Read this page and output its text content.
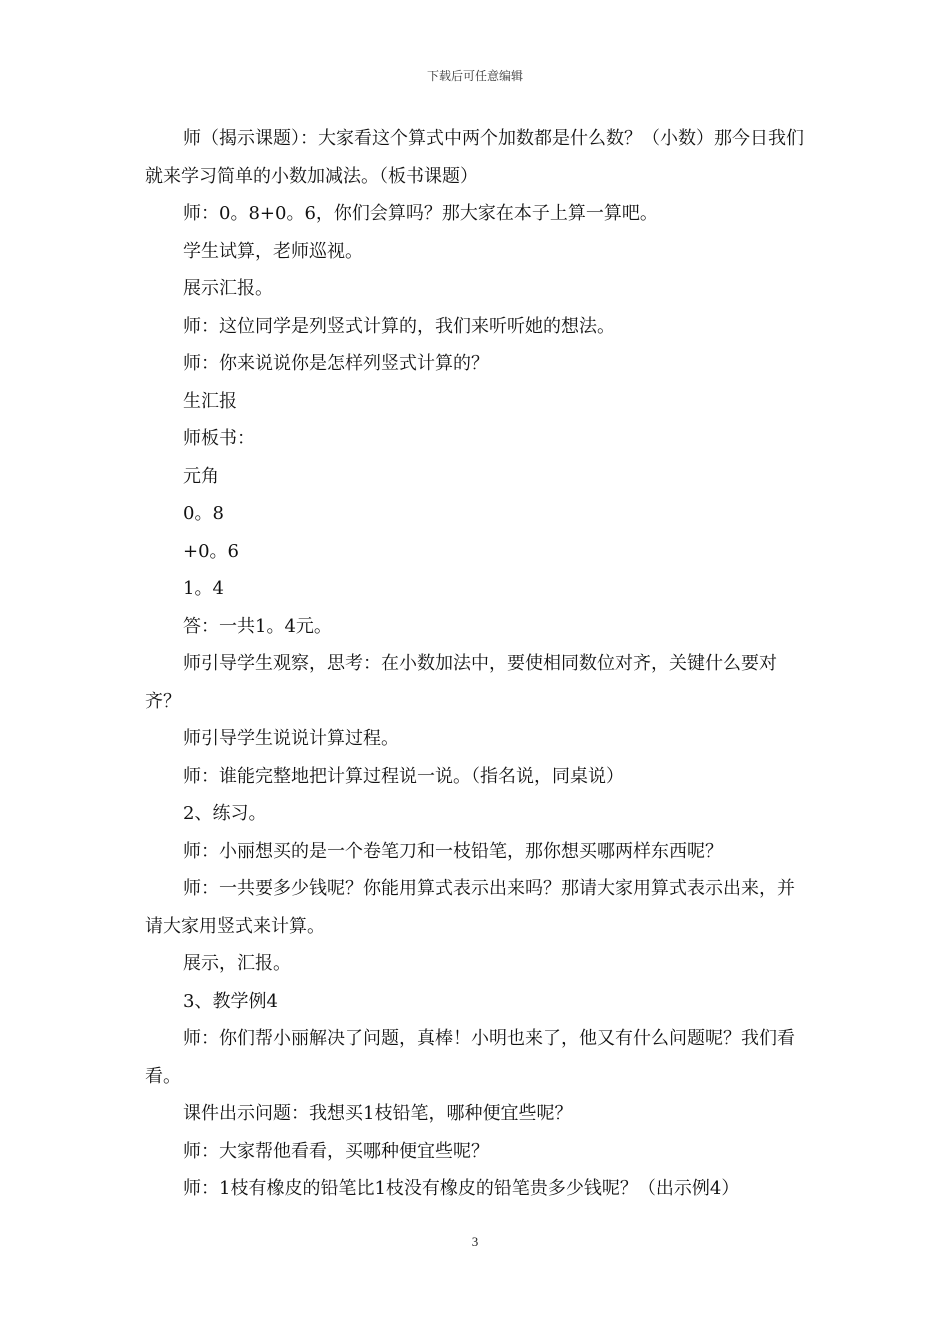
下载后可任意编辑

师（揭示课题）：大家看这个算式中两个加数都是什么数？（小数）那今日我们就来学习简单的小数加减法。（板书课题）

师：0。8+0。6，你们会算吗？那大家在本子上算一算吧。

学生试算，老师巡视。

展示汇报。

师：这位同学是列竖式计算的，我们来听听她的想法。

师：你来说说你是怎样列竖式计算的？

生汇报

师板书：

元角

0。8

+0。6

1。4

答：一共1。4元。

师引导学生观察，思考：在小数加法中，要使相同数位对齐，关键什么要对齐？

师引导学生说说计算过程。

师：谁能完整地把计算过程说一说。（指名说，同桌说）

2、练习。

师：小丽想买的是一个卷笔刀和一枝铅笔，那你想买哪两样东西呢？

师：一共要多少钱呢？你能用算式表示出来吗？那请大家用算式表示出来，并请大家用竖式来计算。

展示，汇报。

3、教学例4

师：你们帮小丽解决了问题，真棒！小明也来了，他又有什么问题呢？我们看看。

课件出示问题：我想买1枝铅笔，哪种便宜些呢？

师：大家帮他看看，买哪种便宜些呢？

师：1枝有橡皮的铅笔比1枝没有橡皮的铅笔贵多少钱呢？（出示例4）

3
